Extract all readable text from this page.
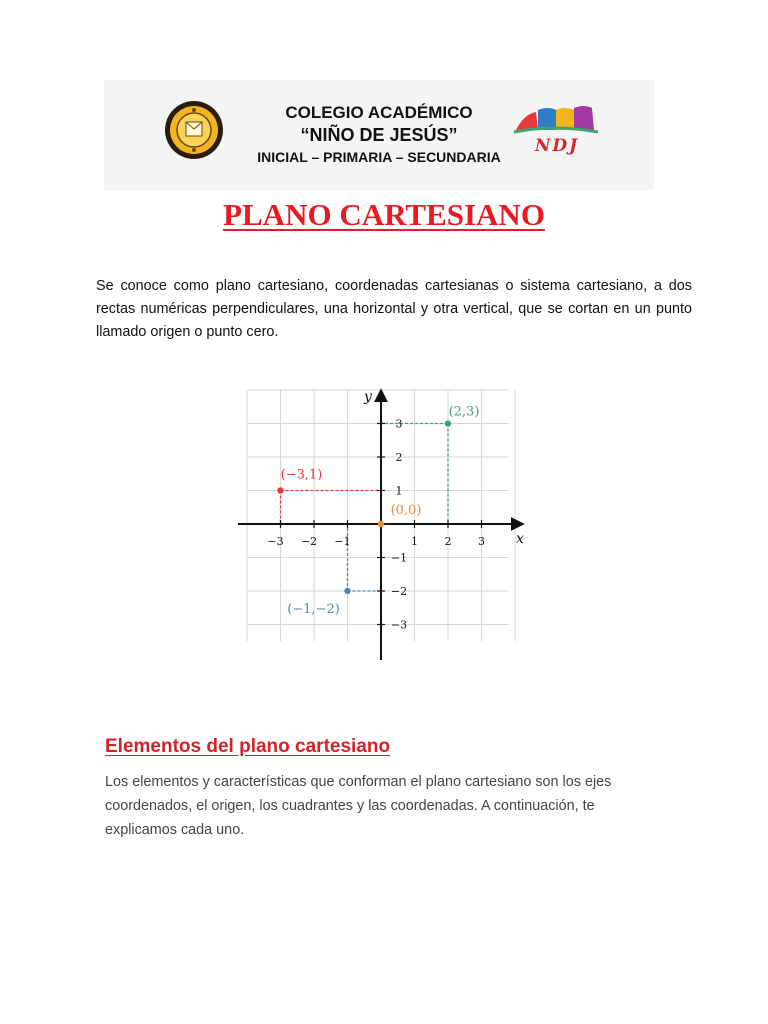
COLEGIO ACADÉMICO
“NIÑO DE JESÚS”
INICIAL – PRIMARIA – SECUNDARIA
NDJ
PLANO CARTESIANO

Se conoce como plano cartesiano, coordenadas cartesianas o sistema cartesiano, a dos rectas numéricas perpendiculares, una horizontal y otra vertical, que se cortan en un punto llamado origen o punto cero.

x
y
−3 −2 −1	1 2 3
3
2
1
−1
−2
−3
(2,3)
(−3,1)
(0,0)
(−1,−2)
Elementos del plano cartesiano

Los elementos y características que conforman el plano cartesiano son los ejes coordenados, el origen, los cuadrantes y las coordenadas. A continuación, te explicamos cada uno.
